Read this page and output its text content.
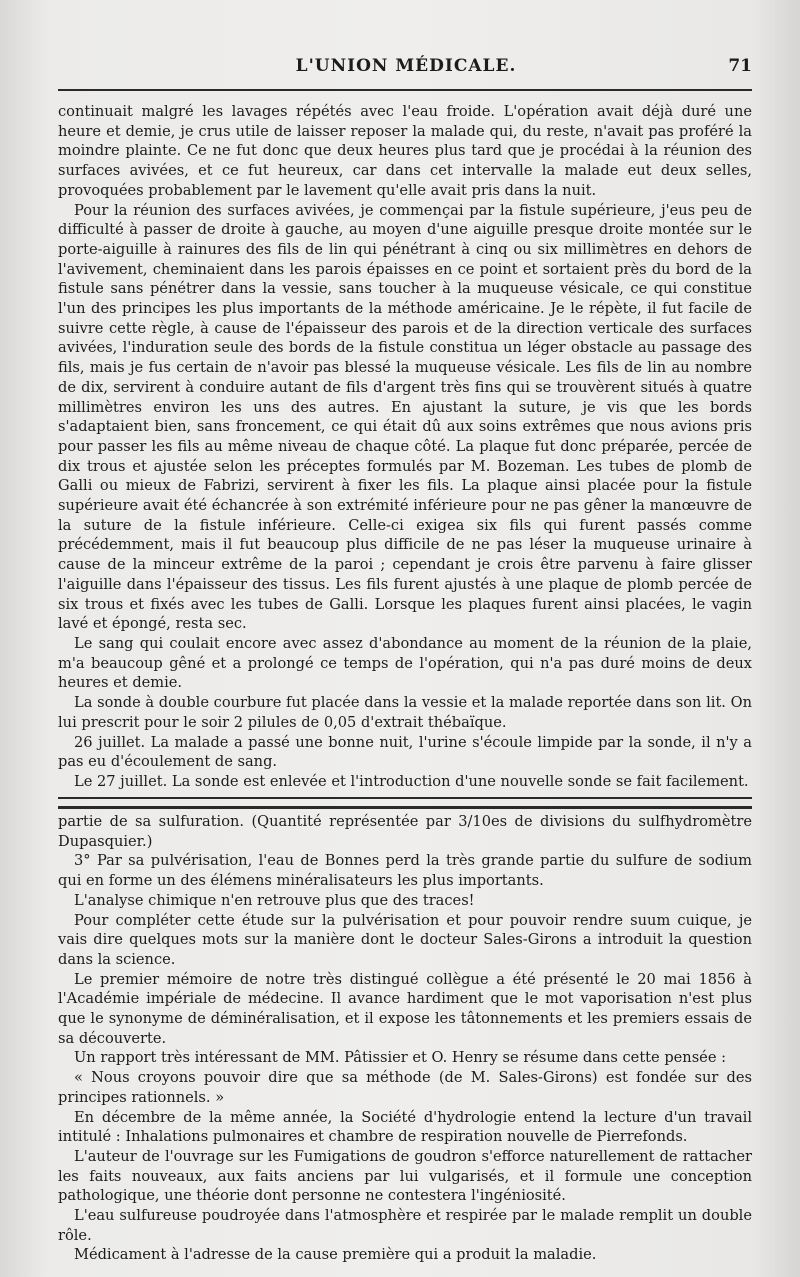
L'UNION MÉDICALE.	71

continuait malgré les lavages répétés avec l'eau froide. L'opération avait déjà duré une heure et demie, je crus utile de laisser reposer la malade qui, du reste, n'avait pas proféré la moindre plainte. Ce ne fut donc que deux heures plus tard que je procédai à la réunion des surfaces avivées, et ce fut heureux, car dans cet intervalle la malade eut deux selles, provoquées probablement par le lavement qu'elle avait pris dans la nuit.

Pour la réunion des surfaces avivées, je commençai par la fistule supérieure, j'eus peu de difficulté à passer de droite à gauche, au moyen d'une aiguille presque droite montée sur le porte-aiguille à rainures des fils de lin qui pénétrant à cinq ou six millimètres en dehors de l'avivement, cheminaient dans les parois épaisses en ce point et sortaient près du bord de la fistule sans pénétrer dans la vessie, sans toucher à la muqueuse vésicale, ce qui constitue l'un des principes les plus importants de la méthode américaine. Je le répète, il fut facile de suivre cette règle, à cause de l'épaisseur des parois et de la direction verticale des surfaces avivées, l'induration seule des bords de la fistule constitua un léger obstacle au passage des fils, mais je fus certain de n'avoir pas blessé la muqueuse vésicale. Les fils de lin au nombre de dix, servirent à conduire autant de fils d'argent très fins qui se trouvèrent situés à quatre millimètres environ les uns des autres. En ajustant la suture, je vis que les bords s'adaptaient bien, sans froncement, ce qui était dû aux soins extrêmes que nous avions pris pour passer les fils au même niveau de chaque côté. La plaque fut donc préparée, percée de dix trous et ajustée selon les préceptes formulés par M. Bozeman. Les tubes de plomb de Galli ou mieux de Fabrizi, servirent à fixer les fils. La plaque ainsi placée pour la fistule supérieure avait été échancrée à son extrémité inférieure pour ne pas gêner la manœuvre de la suture de la fistule inférieure. Celle-ci exigea six fils qui furent passés comme précédemment, mais il fut beaucoup plus difficile de ne pas léser la muqueuse urinaire à cause de la minceur extrême de la paroi ; cependant je crois être parvenu à faire glisser l'aiguille dans l'épaisseur des tissus. Les fils furent ajustés à une plaque de plomb percée de six trous et fixés avec les tubes de Galli. Lorsque les plaques furent ainsi placées, le vagin lavé et épongé, resta sec.

Le sang qui coulait encore avec assez d'abondance au moment de la réunion de la plaie, m'a beaucoup gêné et a prolongé ce temps de l'opération, qui n'a pas duré moins de deux heures et demie.

La sonde à double courbure fut placée dans la vessie et la malade reportée dans son lit. On lui prescrit pour le soir 2 pilules de 0,05 d'extrait thébaïque.

26 juillet. La malade a passé une bonne nuit, l'urine s'écoule limpide par la sonde, il n'y a pas eu d'écoulement de sang.

Le 27 juillet. La sonde est enlevée et l'introduction d'une nouvelle sonde se fait facilement.

partie de sa sulfuration. (Quantité représentée par 3/10es de divisions du sulfhydromètre Dupasquier.)

3° Par sa pulvérisation, l'eau de Bonnes perd la très grande partie du sulfure de sodium qui en forme un des élémens minéralisateurs les plus importants.

L'analyse chimique n'en retrouve plus que des traces!

Pour compléter cette étude sur la pulvérisation et pour pouvoir rendre suum cuique, je vais dire quelques mots sur la manière dont le docteur Sales-Girons a introduit la question dans la science.

Le premier mémoire de notre très distingué collègue a été présenté le 20 mai 1856 à l'Académie impériale de médecine. Il avance hardiment que le mot vaporisation n'est plus que le synonyme de déminéralisation, et il expose les tâtonnements et les premiers essais de sa découverte.

Un rapport très intéressant de MM. Pâtissier et O. Henry se résume dans cette pensée :

« Nous croyons pouvoir dire que sa méthode (de M. Sales-Girons) est fondée sur des principes rationnels. »

En décembre de la même année, la Société d'hydrologie entend la lecture d'un travail intitulé : Inhalations pulmonaires et chambre de respiration nouvelle de Pierrefonds.

L'auteur de l'ouvrage sur les Fumigations de goudron s'efforce naturellement de rattacher les faits nouveaux, aux faits anciens par lui vulgarisés, et il formule une conception pathologique, une théorie dont personne ne contestera l'ingéniosité.

L'eau sulfureuse poudroyée dans l'atmosphère et respirée par le malade remplit un double rôle.

Médicament à l'adresse de la cause première qui a produit la maladie.
